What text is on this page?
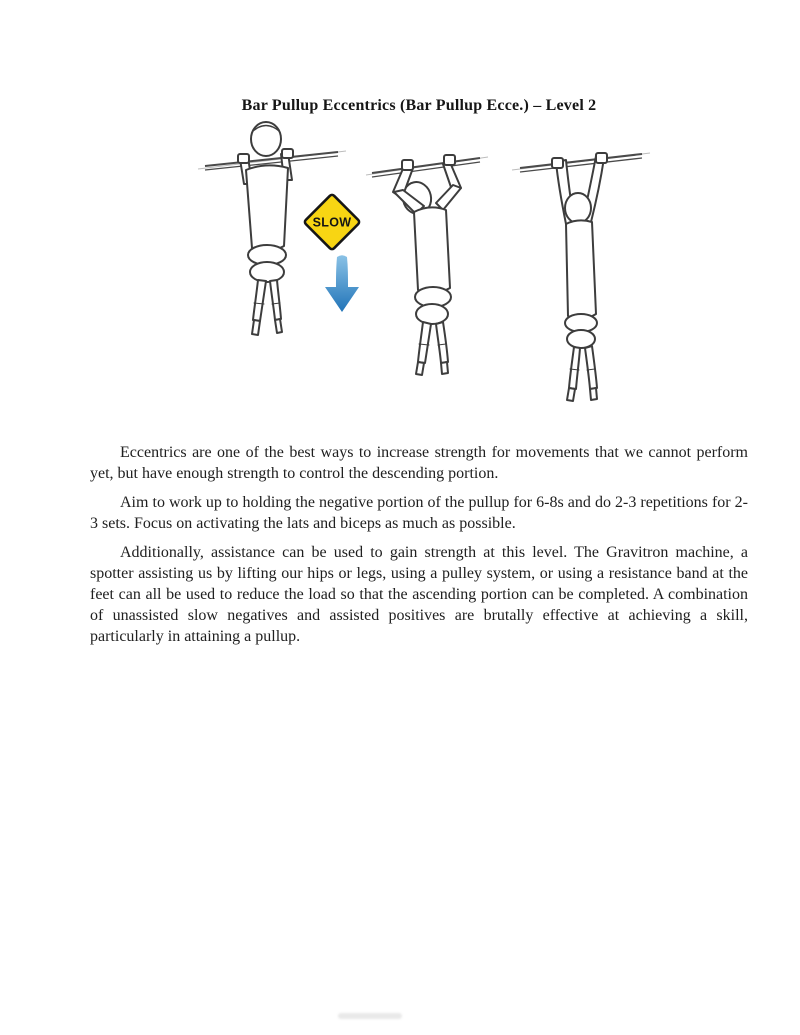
Bar Pullup Eccentrics (Bar Pullup Ecce.) – Level 2
SLOW

Eccentrics are one of the best ways to increase strength for movements that we cannot perform yet, but have enough strength to control the descending portion.

Aim to work up to holding the negative portion of the pullup for 6-8s and do 2-3 repetitions for 2-3 sets. Focus on activating the lats and biceps as much as possible.

Additionally, assistance can be used to gain strength at this level. The Gravitron machine, a spotter assisting us by lifting our hips or legs, using a pulley system, or using a resistance band at the feet can all be used to reduce the load so that the ascending portion can be completed. A combination of unassisted slow negatives and assisted positives are brutally effective at achieving a skill, particularly in attaining a pullup.
